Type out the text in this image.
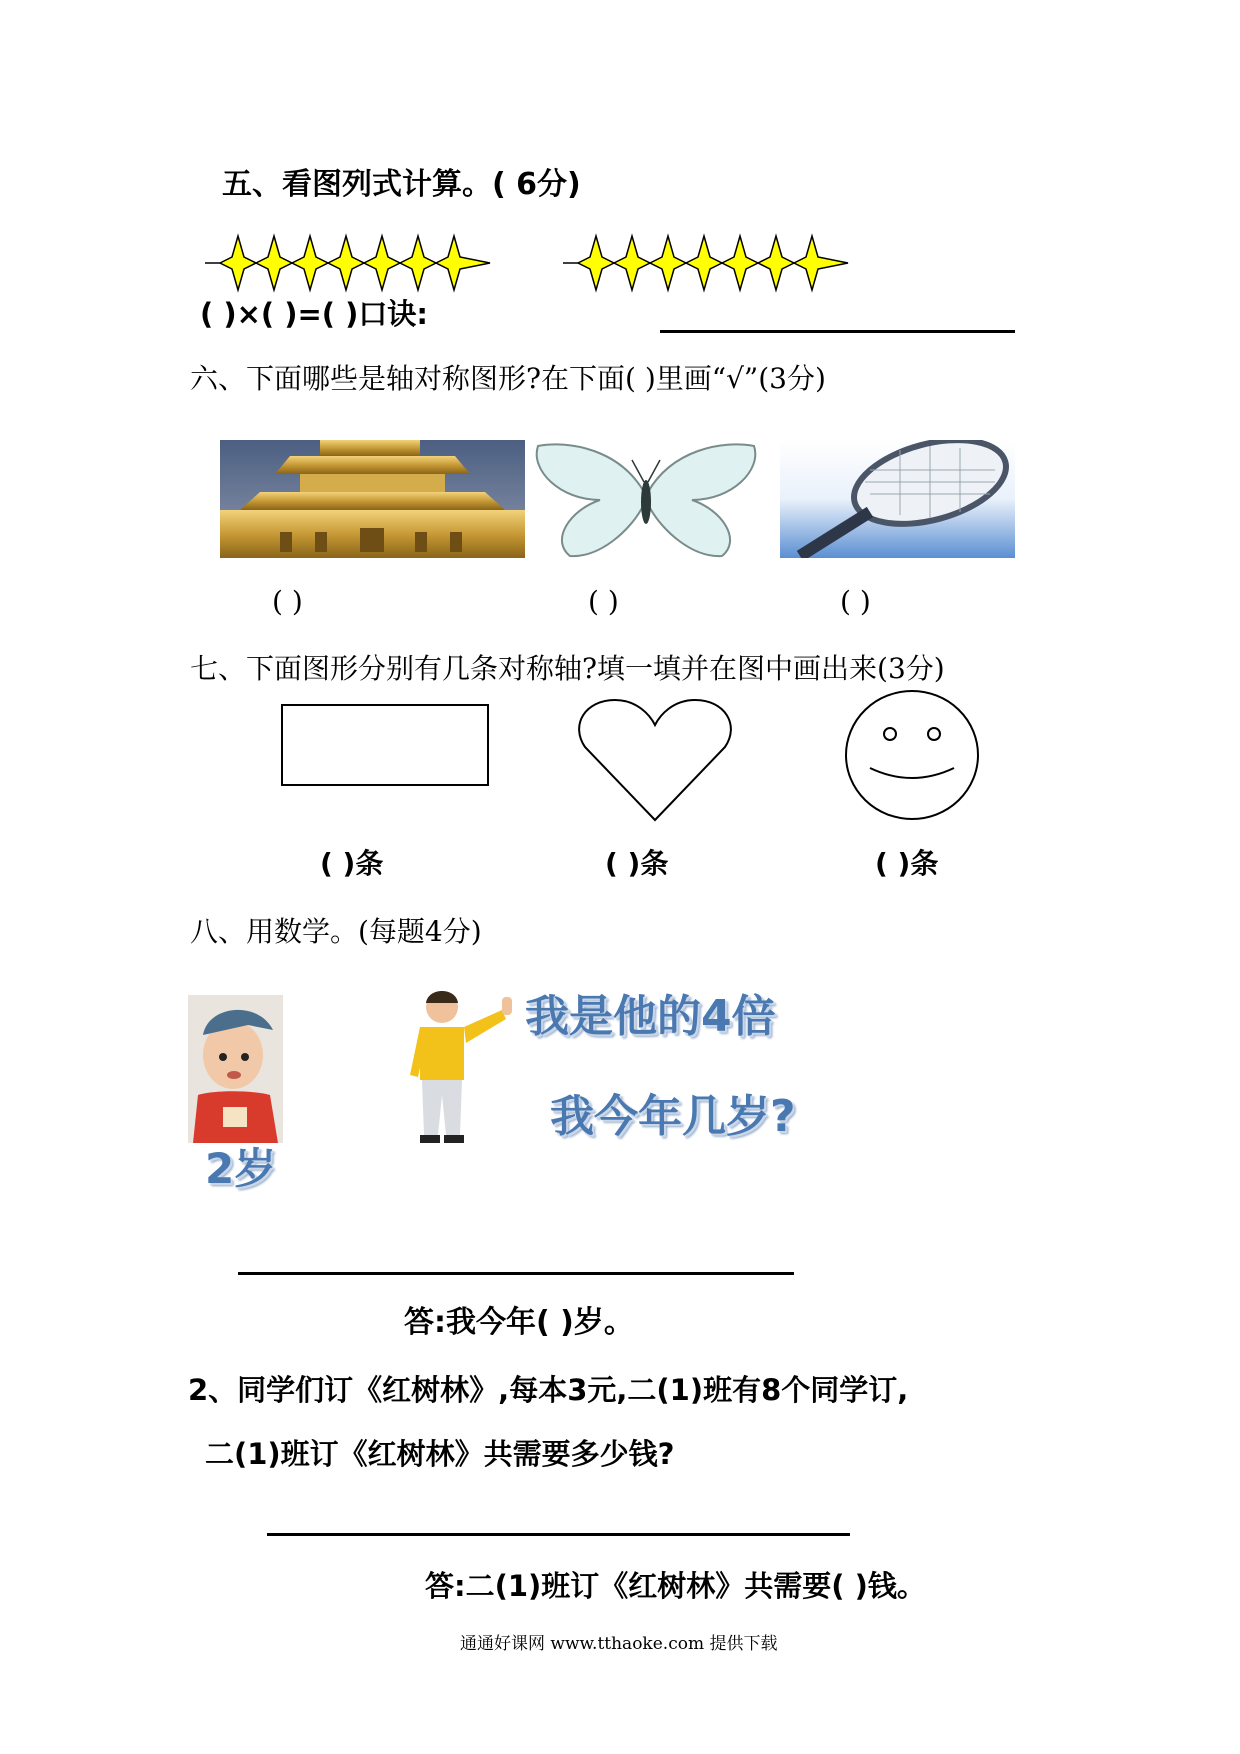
五、看图列式计算。( 6分)
( )×( )=( )口诀:
六、下面哪些是轴对称图形?在下面( )里画“√”(3分)
( )	( )	( )
七、下面图形分别有几条对称轴?填一填并在图中画出来(3分)
( )条	( )条	( )条
八、用数学。(每题4分)
2岁
我是他的4倍
我今年几岁?
答:我今年( )岁。
2、同学们订《红树林》,每本3元,二(1)班有8个同学订,
二(1)班订《红树林》共需要多少钱?
答:二(1)班订《红树林》共需要( )钱。
通通好课网 www.tthaoke.com 提供下载
